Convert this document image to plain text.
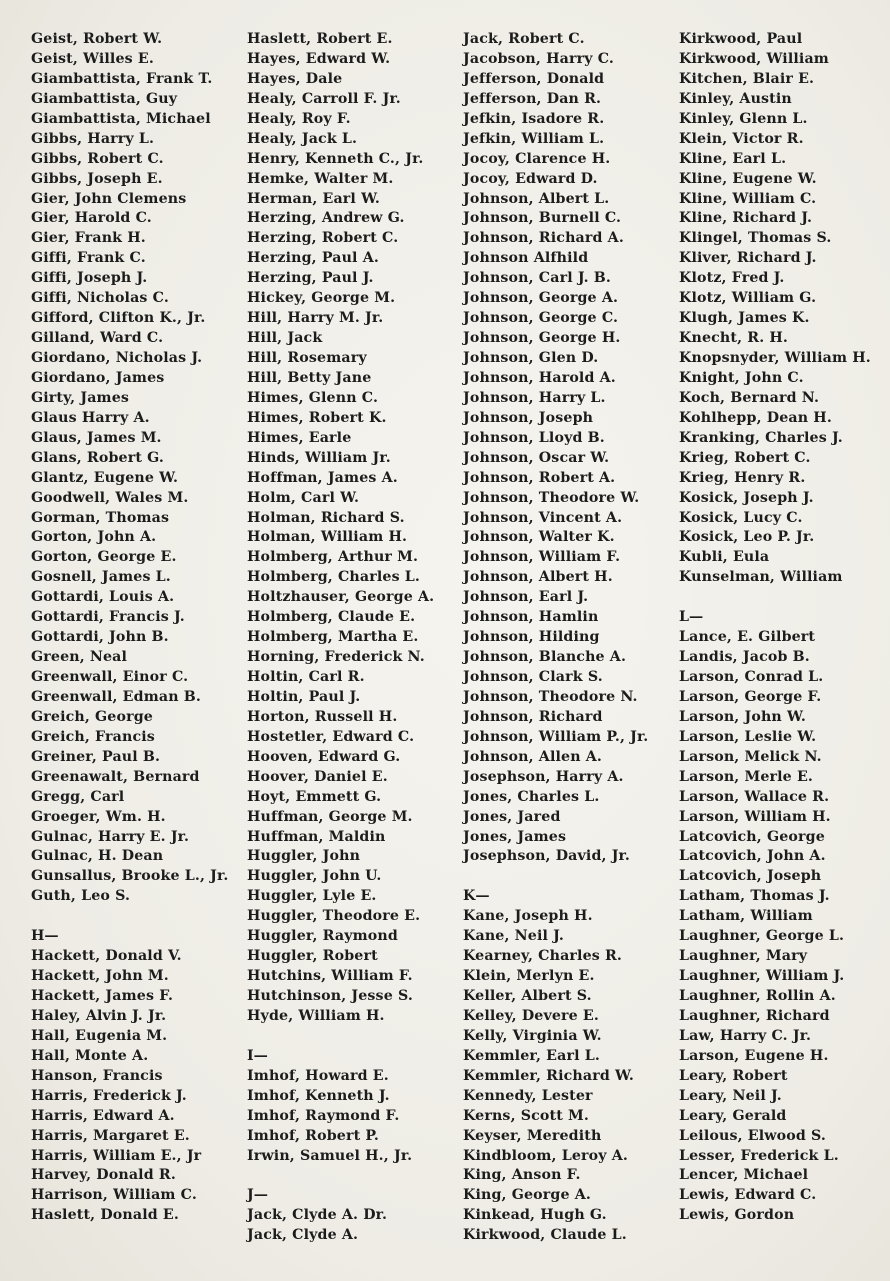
Geist, Robert W.
Geist, Willes E.
Giambattista, Frank T.
Giambattista, Guy
Giambattista, Michael
Gibbs, Harry L.
Gibbs, Robert C.
Gibbs, Joseph E.
Gier, John Clemens
Gier, Harold C.
Gier, Frank H.
Giffi, Frank C.
Giffi, Joseph J.
Giffi, Nicholas C.
Gifford, Clifton K., Jr.
Gilland, Ward C.
Giordano, Nicholas J.
Giordano, James
Girty, James
Glaus Harry A.
Glaus, James M.
Glans, Robert G.
Glantz, Eugene W.
Goodwell, Wales M.
Gorman, Thomas
Gorton, John A.
Gorton, George E.
Gosnell, James L.
Gottardi, Louis A.
Gottardi, Francis J.
Gottardi, John B.
Green, Neal
Greenwall, Einor C.
Greenwall, Edman B.
Greich, George
Greich, Francis
Greiner, Paul B.
Greenawalt, Bernard
Gregg, Carl
Groeger, Wm. H.
Gulnac, Harry E. Jr.
Gulnac, H. Dean
Gunsallus, Brooke L., Jr.
Guth, Leo S.
H—
Hackett, Donald V.
Hackett, John M.
Hackett, James F.
Haley, Alvin J. Jr.
Hall, Eugenia M.
Hall, Monte A.
Hanson, Francis
Harris, Frederick J.
Harris, Edward A.
Harris, Margaret E.
Harris, William E., Jr
Harvey, Donald R.
Harrison, William C.
Haslett, Donald E.
Haslett, Robert E.
Hayes, Edward W.
Hayes, Dale
Healy, Carroll F. Jr.
Healy, Roy F.
Healy, Jack L.
Henry, Kenneth C., Jr.
Hemke, Walter M.
Herman, Earl W.
Herzing, Andrew G.
Herzing, Robert C.
Herzing, Paul A.
Herzing, Paul J.
Hickey, George M.
Hill, Harry M. Jr.
Hill, Jack
Hill, Rosemary
Hill, Betty Jane
Himes, Glenn C.
Himes, Robert K.
Himes, Earle
Hinds, William Jr.
Hoffman, James A.
Holm, Carl W.
Holman, Richard S.
Holman, William H.
Holmberg, Arthur M.
Holmberg, Charles L.
Holtzhauser, George A.
Holmberg, Claude E.
Holmberg, Martha E.
Horning, Frederick N.
Holtin, Carl R.
Holtin, Paul J.
Horton, Russell H.
Hostetler, Edward C.
Hooven, Edward G.
Hoover, Daniel E.
Hoyt, Emmett G.
Huffman, George M.
Huffman, Maldin
Huggler, John
Huggler, John U.
Huggler, Lyle E.
Huggler, Theodore E.
Huggler, Raymond
Huggler, Robert
Hutchins, William F.
Hutchinson, Jesse S.
Hyde, William H.
I—
Imhof, Howard E.
Imhof, Kenneth J.
Imhof, Raymond F.
Imhof, Robert P.
Irwin, Samuel H., Jr.
J—
Jack, Clyde A. Dr.
Jack, Clyde A.
Jack, Robert C.
Jacobson, Harry C.
Jefferson, Donald
Jefferson, Dan R.
Jefkin, Isadore R.
Jefkin, William L.
Jocoy, Clarence H.
Jocoy, Edward D.
Johnson, Albert L.
Johnson, Burnell C.
Johnson, Richard A.
Johnson Alfhild
Johnson, Carl J. B.
Johnson, George A.
Johnson, George C.
Johnson, George H.
Johnson, Glen D.
Johnson, Harold A.
Johnson, Harry L.
Johnson, Joseph
Johnson, Lloyd B.
Johnson, Oscar W.
Johnson, Robert A.
Johnson, Theodore W.
Johnson, Vincent A.
Johnson, Walter K.
Johnson, William F.
Johnson, Albert H.
Johnson, Earl J.
Johnson, Hamlin
Johnson, Hilding
Johnson, Blanche A.
Johnson, Clark S.
Johnson, Theodore N.
Johnson, Richard
Johnson, William P., Jr.
Johnson, Allen A.
Josephson, Harry A.
Jones, Charles L.
Jones, Jared
Jones, James
Josephson, David, Jr.
K—
Kane, Joseph H.
Kane, Neil J.
Kearney, Charles R.
Klein, Merlyn E.
Keller, Albert S.
Kelley, Devere E.
Kelly, Virginia W.
Kemmler, Earl L.
Kemmler, Richard W.
Kennedy, Lester
Kerns, Scott M.
Keyser, Meredith
Kindbloom, Leroy A.
King, Anson F.
King, George A.
Kinkead, Hugh G.
Kirkwood, Claude L.
Kirkwood, Paul
Kirkwood, William
Kitchen, Blair E.
Kinley, Austin
Kinley, Glenn L.
Klein, Victor R.
Kline, Earl L.
Kline, Eugene W.
Kline, William C.
Kline, Richard J.
Klingel, Thomas S.
Kliver, Richard J.
Klotz, Fred J.
Klotz, William G.
Klugh, James K.
Knecht, R. H.
Knopsnyder, William H.
Knight, John C.
Koch, Bernard N.
Kohlhepp, Dean H.
Kranking, Charles J.
Krieg, Robert C.
Krieg, Henry R.
Kosick, Joseph J.
Kosick, Lucy C.
Kosick, Leo P. Jr.
Kubli, Eula
Kunselman, William
L—
Lance, E. Gilbert
Landis, Jacob B.
Larson, Conrad L.
Larson, George F.
Larson, John W.
Larson, Leslie W.
Larson, Melick N.
Larson, Merle E.
Larson, Wallace R.
Larson, William H.
Latcovich, George
Latcovich, John A.
Latcovich, Joseph
Latham, Thomas J.
Latham, William
Laughner, George L.
Laughner, Mary
Laughner, William J.
Laughner, Rollin A.
Laughner, Richard
Law, Harry C. Jr.
Larson, Eugene H.
Leary, Robert
Leary, Neil J.
Leary, Gerald
Leilous, Elwood S.
Lesser, Frederick L.
Lencer, Michael
Lewis, Edward C.
Lewis, Gordon
